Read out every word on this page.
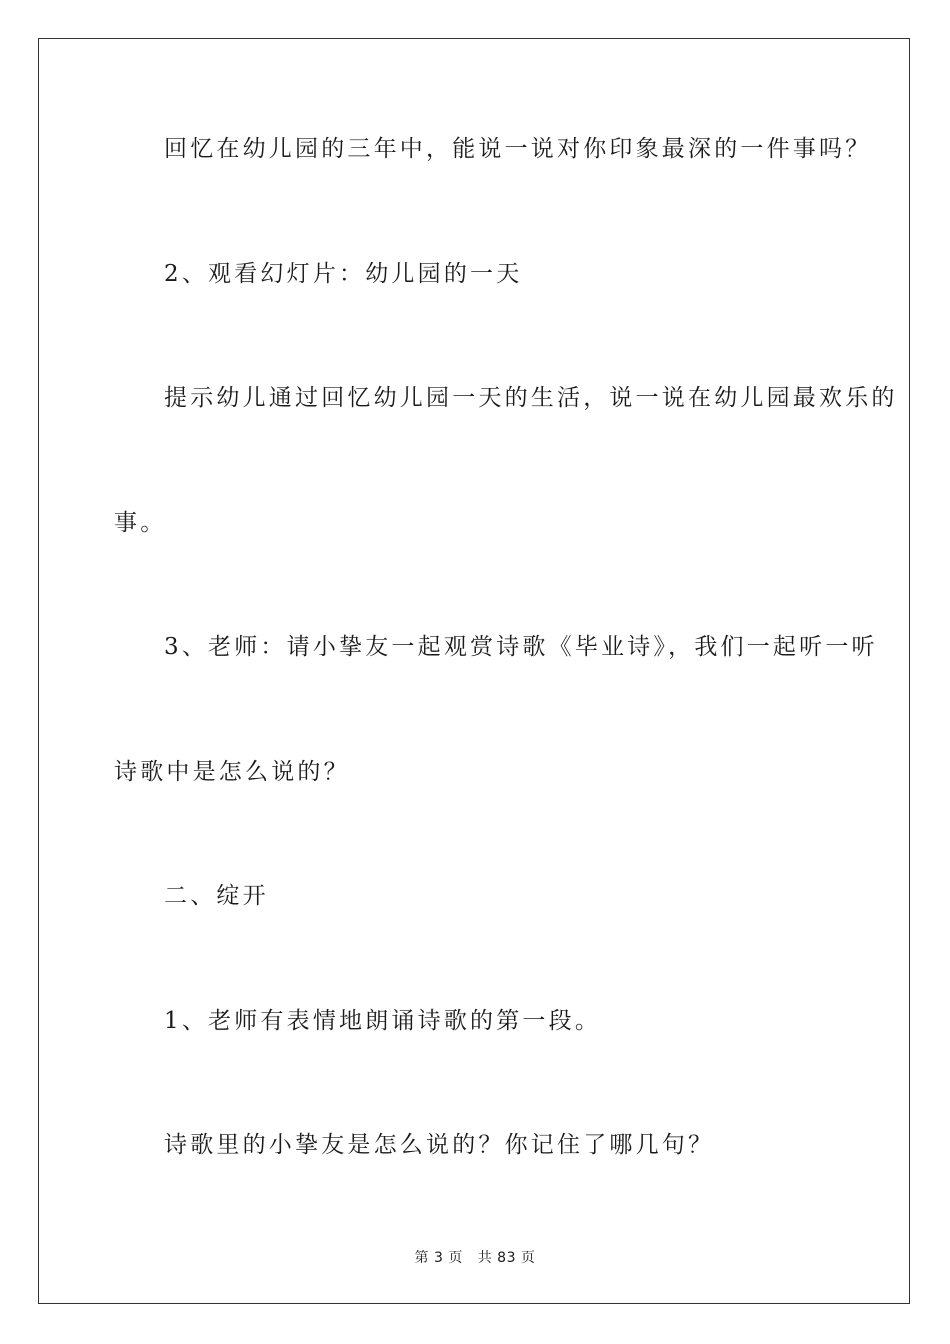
回忆在幼儿园的三年中，能说一说对你印象最深的一件事吗？
2、观看幻灯片：幼儿园的一天
提示幼儿通过回忆幼儿园一天的生活，说一说在幼儿园最欢乐的
事。
3、老师：请小挚友一起观赏诗歌《毕业诗》，我们一起听一听
诗歌中是怎么说的？
二、绽开
1、老师有表情地朗诵诗歌的第一段。
诗歌里的小挚友是怎么说的？你记住了哪几句？
第 3 页 共 83 页
